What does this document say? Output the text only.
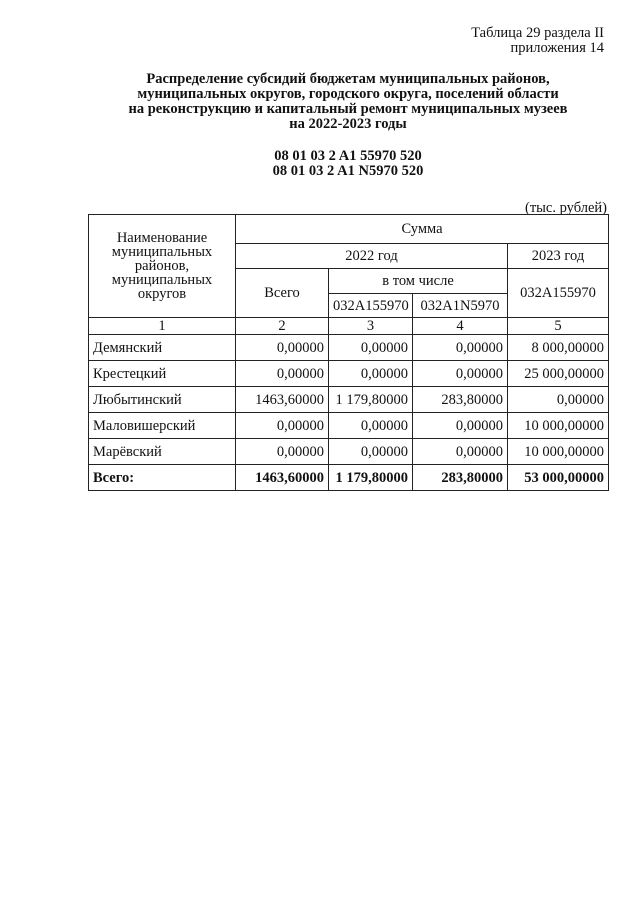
Таблица 29 раздела II
приложения 14
Распределение субсидий бюджетам муниципальных районов,
муниципальных округов, городского округа, поселений области
на реконструкцию и капитальный ремонт муниципальных музеев
на 2022-2023 годы
08 01 03 2 A1 55970 520
08 01 03 2 A1 N5970 520
(тыс. рублей)
Наименование муниципальных районов, муниципальных округов	Сумма			
	2022 год			2023 год
	Всего	в том числе		032A155970
		032A155970	032A1N5970	
1	2	3	4	5
Демянский	0,00000	0,00000	0,00000	8 000,00000
Крестецкий	0,00000	0,00000	0,00000	25 000,00000
Любытинский	1463,60000	1 179,80000	283,80000	0,00000
Маловишерский	0,00000	0,00000	0,00000	10 000,00000
Марёвский	0,00000	0,00000	0,00000	10 000,00000
Всего:	1463,60000	1 179,80000	283,80000	53 000,00000
